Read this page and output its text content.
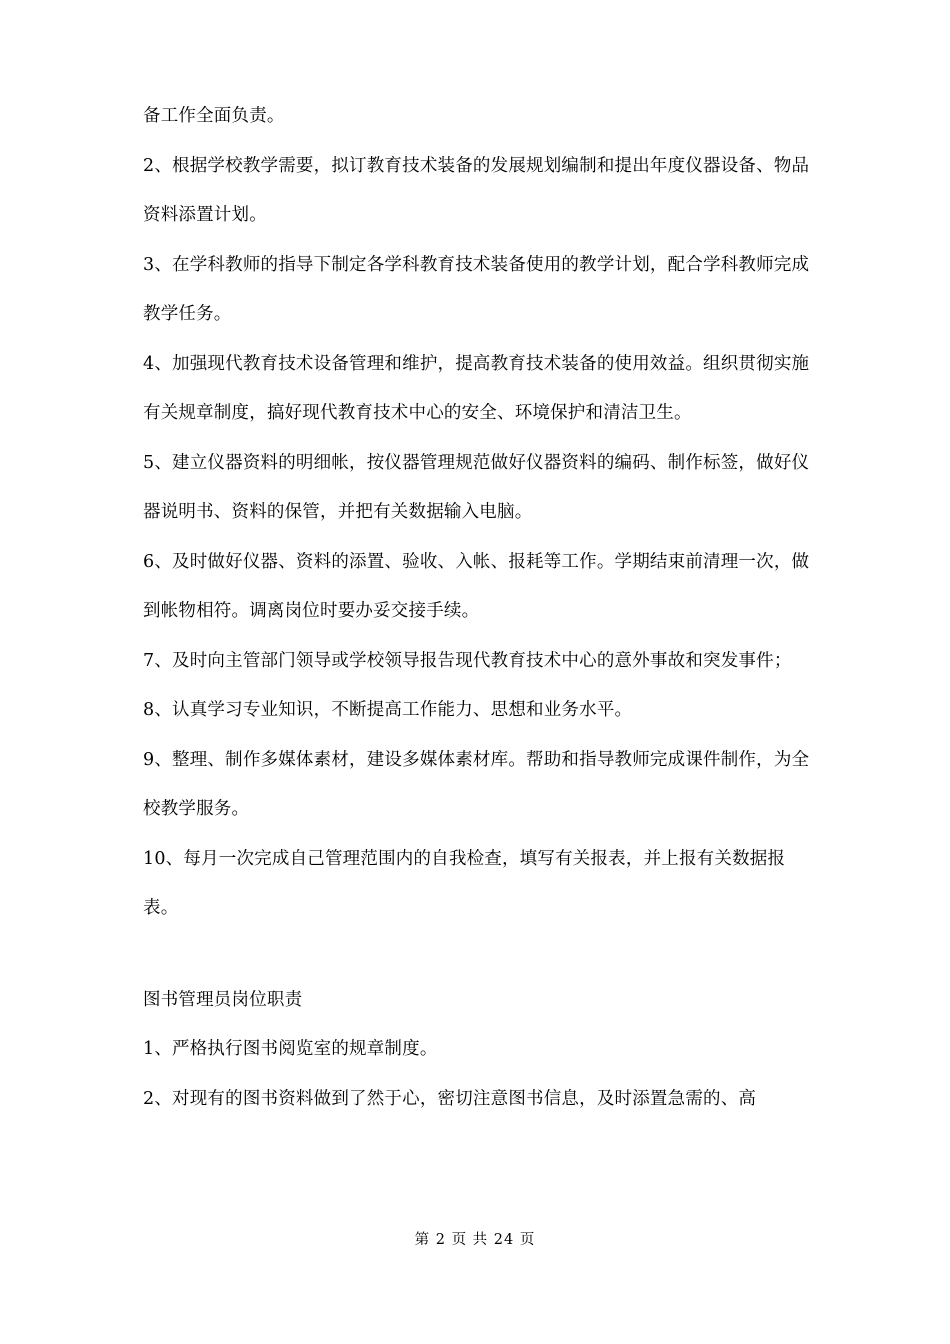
备工作全面负责。

2、根据学校教学需要，拟订教育技术装备的发展规划编制和提出年度仪器设备、物品资料添置计划。

3、在学科教师的指导下制定各学科教育技术装备使用的教学计划，配合学科教师完成教学任务。

4、加强现代教育技术设备管理和维护，提高教育技术装备的使用效益。组织贯彻实施有关规章制度，搞好现代教育技术中心的安全、环境保护和清洁卫生。

5、建立仪器资料的明细帐，按仪器管理规范做好仪器资料的编码、制作标签，做好仪器说明书、资料的保管，并把有关数据输入电脑。

6、及时做好仪器、资料的添置、验收、入帐、报耗等工作。学期结束前清理一次，做到帐物相符。调离岗位时要办妥交接手续。

7、及时向主管部门领导或学校领导报告现代教育技术中心的意外事故和突发事件；

8、认真学习专业知识，不断提高工作能力、思想和业务水平。

9、整理、制作多媒体素材，建设多媒体素材库。帮助和指导教师完成课件制作，为全校教学服务。

10、每月一次完成自己管理范围内的自我检查，填写有关报表，并上报有关数据报表。

图书管理员岗位职责

1、严格执行图书阅览室的规章制度。

2、对现有的图书资料做到了然于心，密切注意图书信息，及时添置急需的、高

第 2 页 共 24 页
